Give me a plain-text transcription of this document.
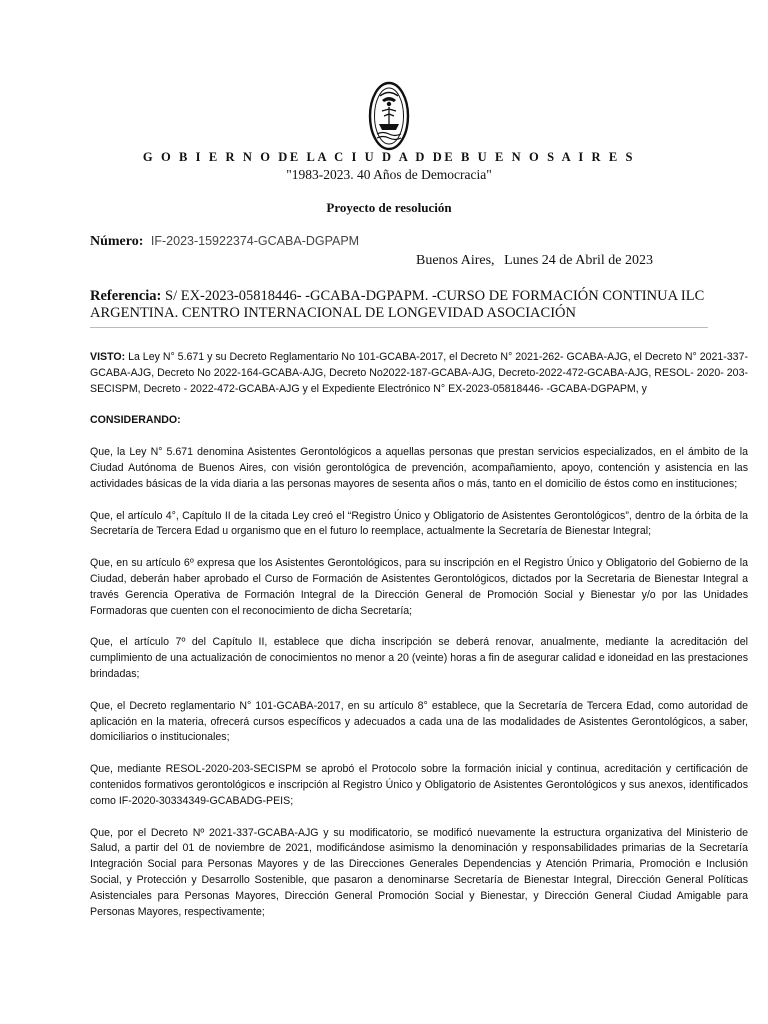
G O B I E R N O DE LA C I U D A D DE B U E N O S A I R E S
"1983-2023. 40 Años de Democracia"
Proyecto de resolución
Número: IF-2023-15922374-GCABA-DGPAPM
Buenos Aires, Lunes 24 de Abril de 2023
Referencia: S/ EX-2023-05818446- -GCABA-DGPAPM. -CURSO DE FORMACIÓN CONTINUA ILC ARGENTINA. CENTRO INTERNACIONAL DE LONGEVIDAD ASOCIACIÓN

VISTO: La Ley N° 5.671 y su Decreto Reglamentario No 101-GCABA-2017, el Decreto N° 2021-262- GCABA-AJG, el Decreto N° 2021-337-GCABA-AJG, Decreto No 2022-164-GCABA-AJG, Decreto No2022-187-GCABA-AJG, Decreto-2022-472-GCABA-AJG, RESOL- 2020- 203-SECISPM, Decreto - 2022-472-GCABA-AJG y el Expediente Electrónico N° EX-2023-05818446- -GCABA-DGPAPM, y

CONSIDERANDO:

Que, la Ley N° 5.671 denomina Asistentes Gerontológicos a aquellas personas que prestan servicios especializados, en el ámbito de la Ciudad Autónoma de Buenos Aires, con visión gerontológica de prevención, acompañamiento, apoyo, contención y asistencia en las actividades básicas de la vida diaria a las personas mayores de sesenta años o más, tanto en el domicilio de éstos como en instituciones;

Que, el artículo 4°, Capítulo II de la citada Ley creó el “Registro Único y Obligatorio de Asistentes Gerontológicos”, dentro de la órbita de la Secretaría de Tercera Edad u organismo que en el futuro lo reemplace, actualmente la Secretaría de Bienestar Integral;

Que, en su artículo 6º expresa que los Asistentes Gerontológicos, para su inscripción en el Registro Único y Obligatorio del Gobierno de la Ciudad, deberán haber aprobado el Curso de Formación de Asistentes Gerontológicos, dictados por la Secretaria de Bienestar Integral a través Gerencia Operativa de Formación Integral de la Dirección General de Promoción Social y Bienestar y/o por las Unidades Formadoras que cuenten con el reconocimiento de dicha Secretaría;

Que, el artículo 7º del Capítulo II, establece que dicha inscripción se deberá renovar, anualmente, mediante la acreditación del cumplimiento de una actualización de conocimientos no menor a 20 (veinte) horas a fin de asegurar calidad e idoneidad en las prestaciones brindadas;

Que, el Decreto reglamentario N° 101-GCABA-2017, en su artículo 8° establece, que la Secretaría de Tercera Edad, como autoridad de aplicación en la materia, ofrecerá cursos específicos y adecuados a cada una de las modalidades de Asistentes Gerontológicos, a saber, domiciliarios o institucionales;

Que, mediante RESOL-2020-203-SECISPM se aprobó el Protocolo sobre la formación inicial y continua, acreditación y certificación de contenidos formativos gerontológicos e inscripción al Registro Único y Obligatorio de Asistentes Gerontológicos y sus anexos, identificados como IF-2020-30334349-GCABADG-PEIS;

Que, por el Decreto Nº 2021-337-GCABA-AJG y su modificatorio, se modificó nuevamente la estructura organizativa del Ministerio de Salud, a partir del 01 de noviembre de 2021, modificándose asimismo la denominación y responsabilidades primarias de la Secretaría Integración Social para Personas Mayores y de las Direcciones Generales Dependencias y Atención Primaria, Promoción e Inclusión Social, y Protección y Desarrollo Sostenible, que pasaron a denominarse Secretaría de Bienestar Integral, Dirección General Políticas Asistenciales para Personas Mayores, Dirección General Promoción Social y Bienestar, y Dirección General Ciudad Amigable para Personas Mayores, respectivamente;
